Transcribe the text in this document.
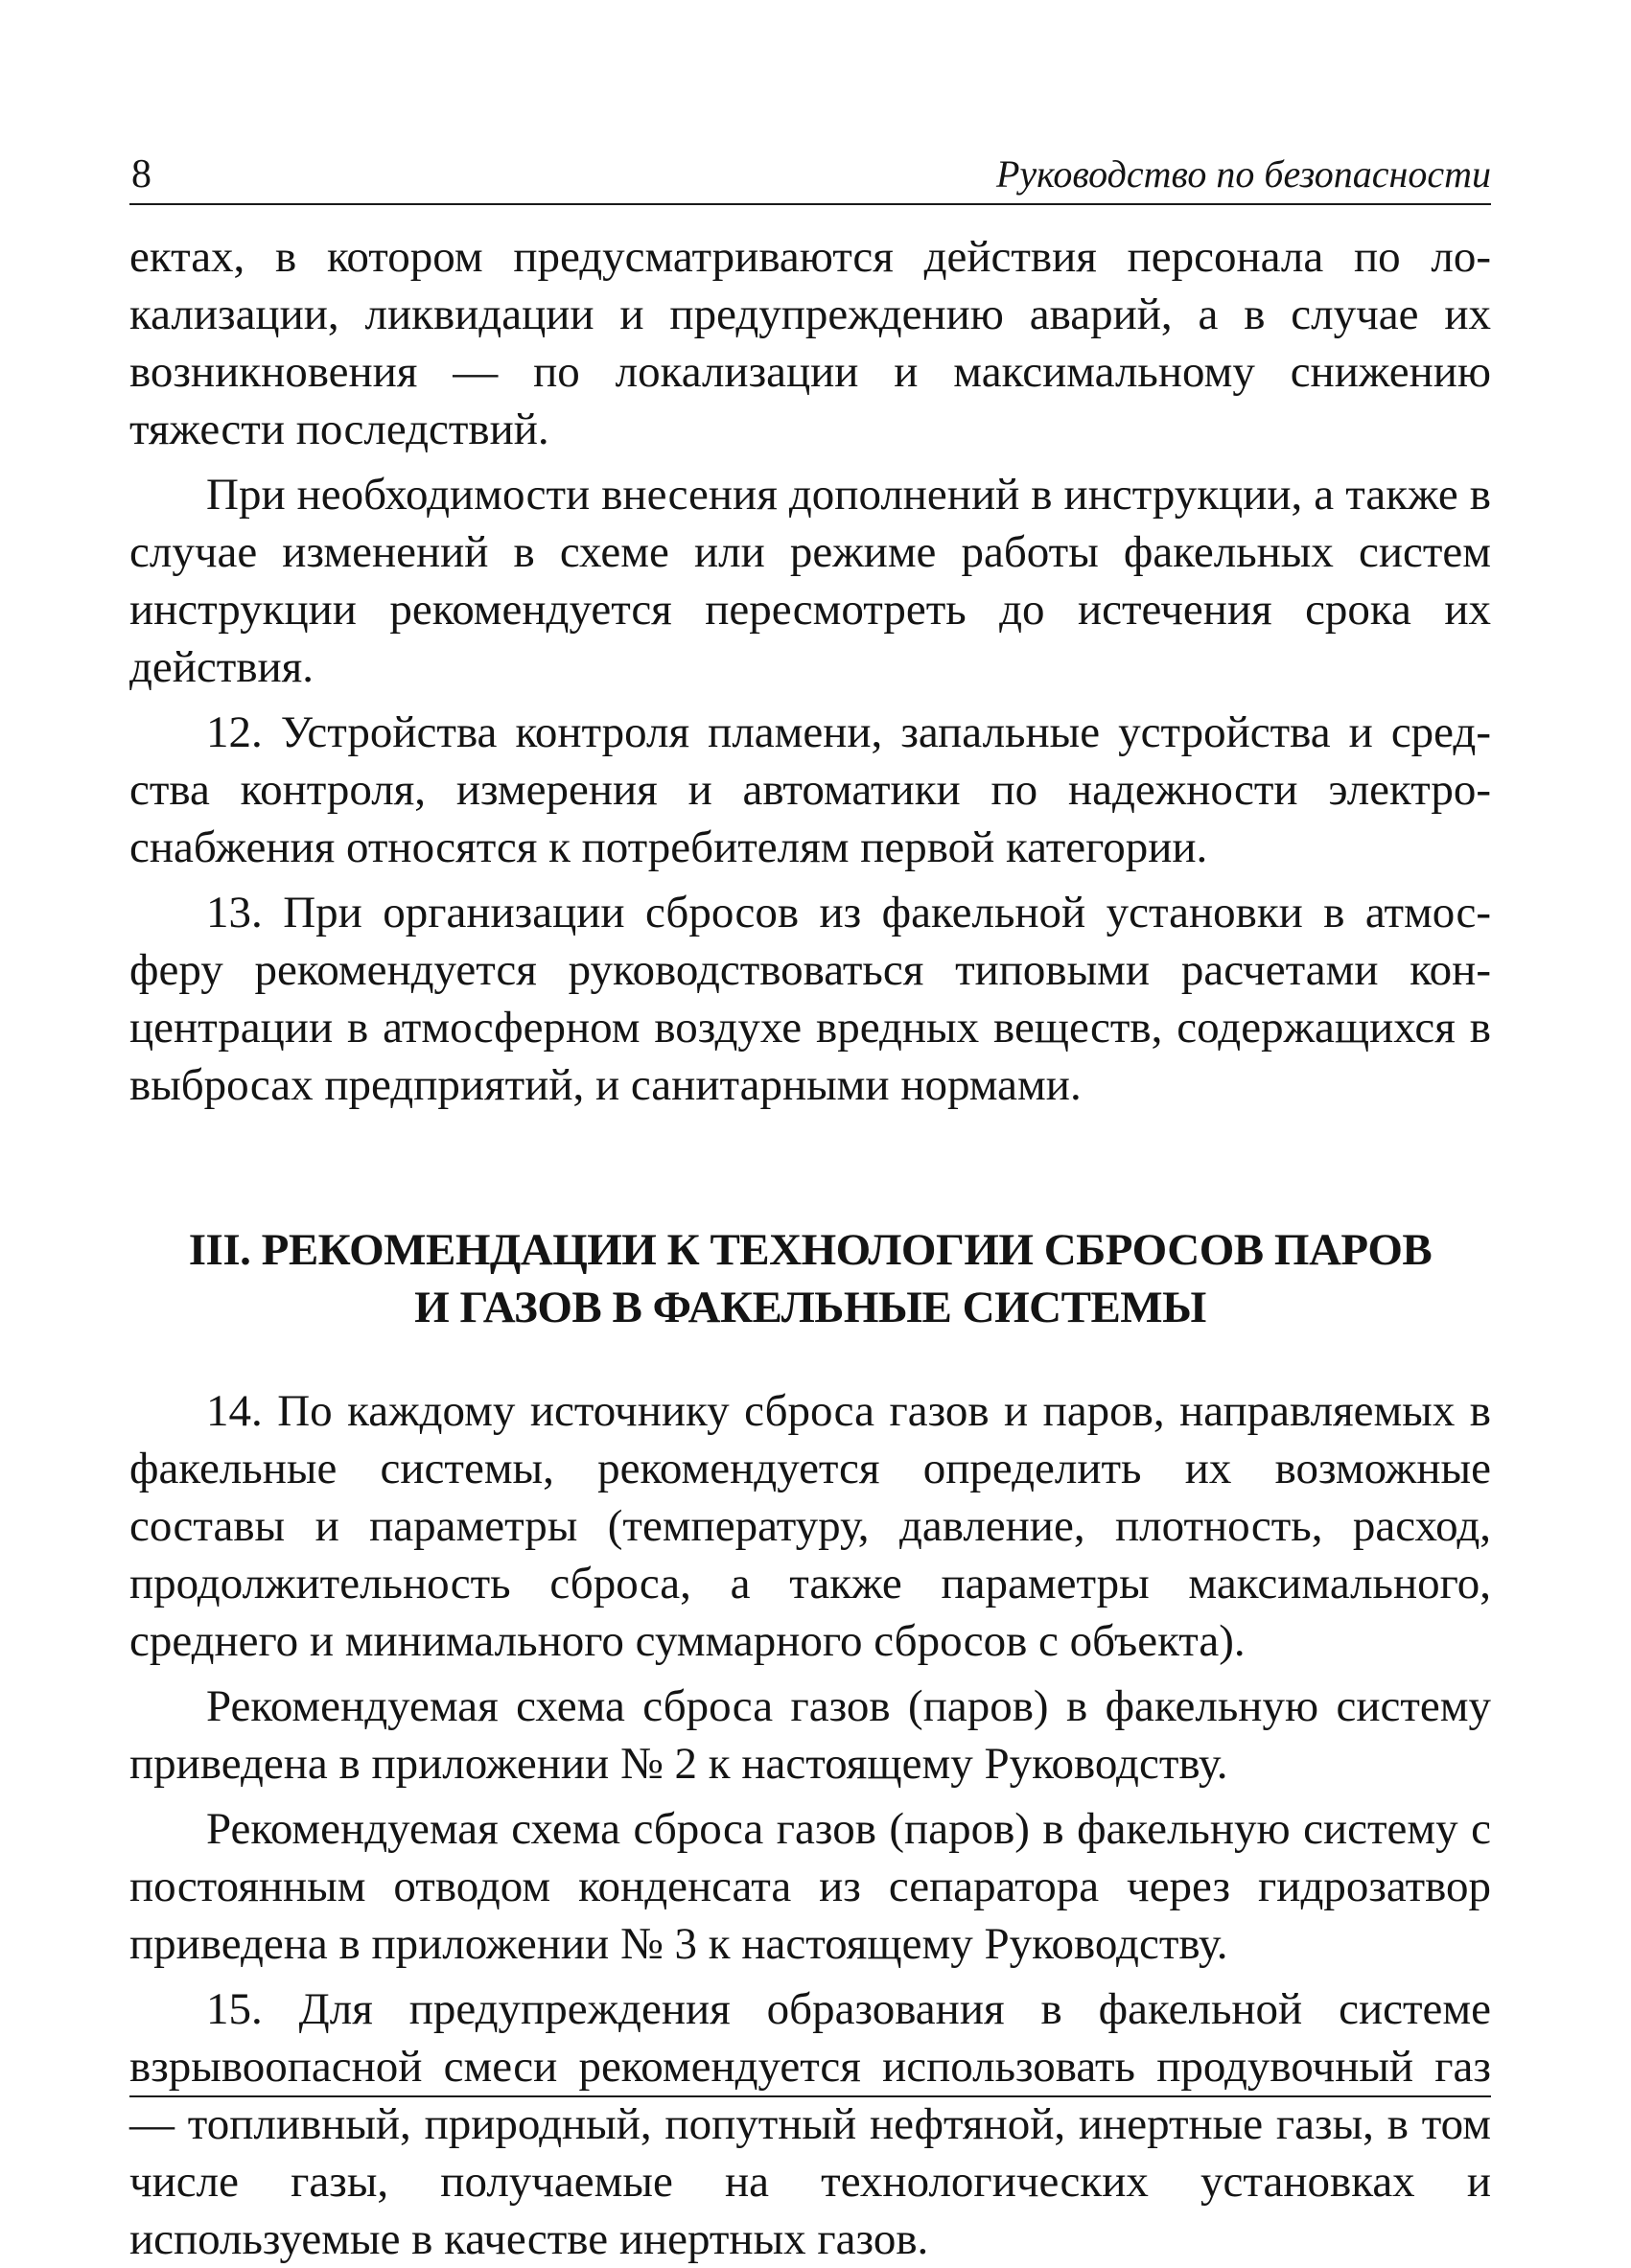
8	Руководство по безопасности

ектах, в котором предусматриваются действия персонала по локализации, ликвидации и предупреждению аварий, а в случае их возникновения — по локализации и максимальному снижению тяжести последствий.

При необходимости внесения дополнений в инструкции, а также в случае изменений в схеме или режиме работы факельных систем инструкции рекомендуется пересмотреть до истечения срока их действия.

12. Устройства контроля пламени, запальные устройства и средства контроля, измерения и автоматики по надежности электроснабжения относятся к потребителям первой категории.

13. При организации сбросов из факельной установки в атмосферу рекомендуется руководствоваться типовыми расчетами концентрации в атмосферном воздухе вредных веществ, содержащихся в выбросах предприятий, и санитарными нормами.

III. РЕКОМЕНДАЦИИ К ТЕХНОЛОГИИ СБРОСОВ ПАРОВ
И ГАЗОВ В ФАКЕЛЬНЫЕ СИСТЕМЫ

14. По каждому источнику сброса газов и паров, направляемых в факельные системы, рекомендуется определить их возможные составы и параметры (температуру, давление, плотность, расход, продолжительность сброса, а также параметры максимального, среднего и минимального суммарного сбросов с объекта).

Рекомендуемая схема сброса газов (паров) в факельную систему приведена в приложении № 2 к настоящему Руководству.

Рекомендуемая схема сброса газов (паров) в факельную систему с постоянным отводом конденсата из сепаратора через гидрозатвор приведена в приложении № 3 к настоящему Руководству.

15. Для предупреждения образования в факельной системе взрывоопасной смеси рекомендуется использовать продувочный газ — топливный, природный, попутный нефтяной, инертные газы, в том числе газы, получаемые на технологических установках и используемые в качестве инертных газов.
